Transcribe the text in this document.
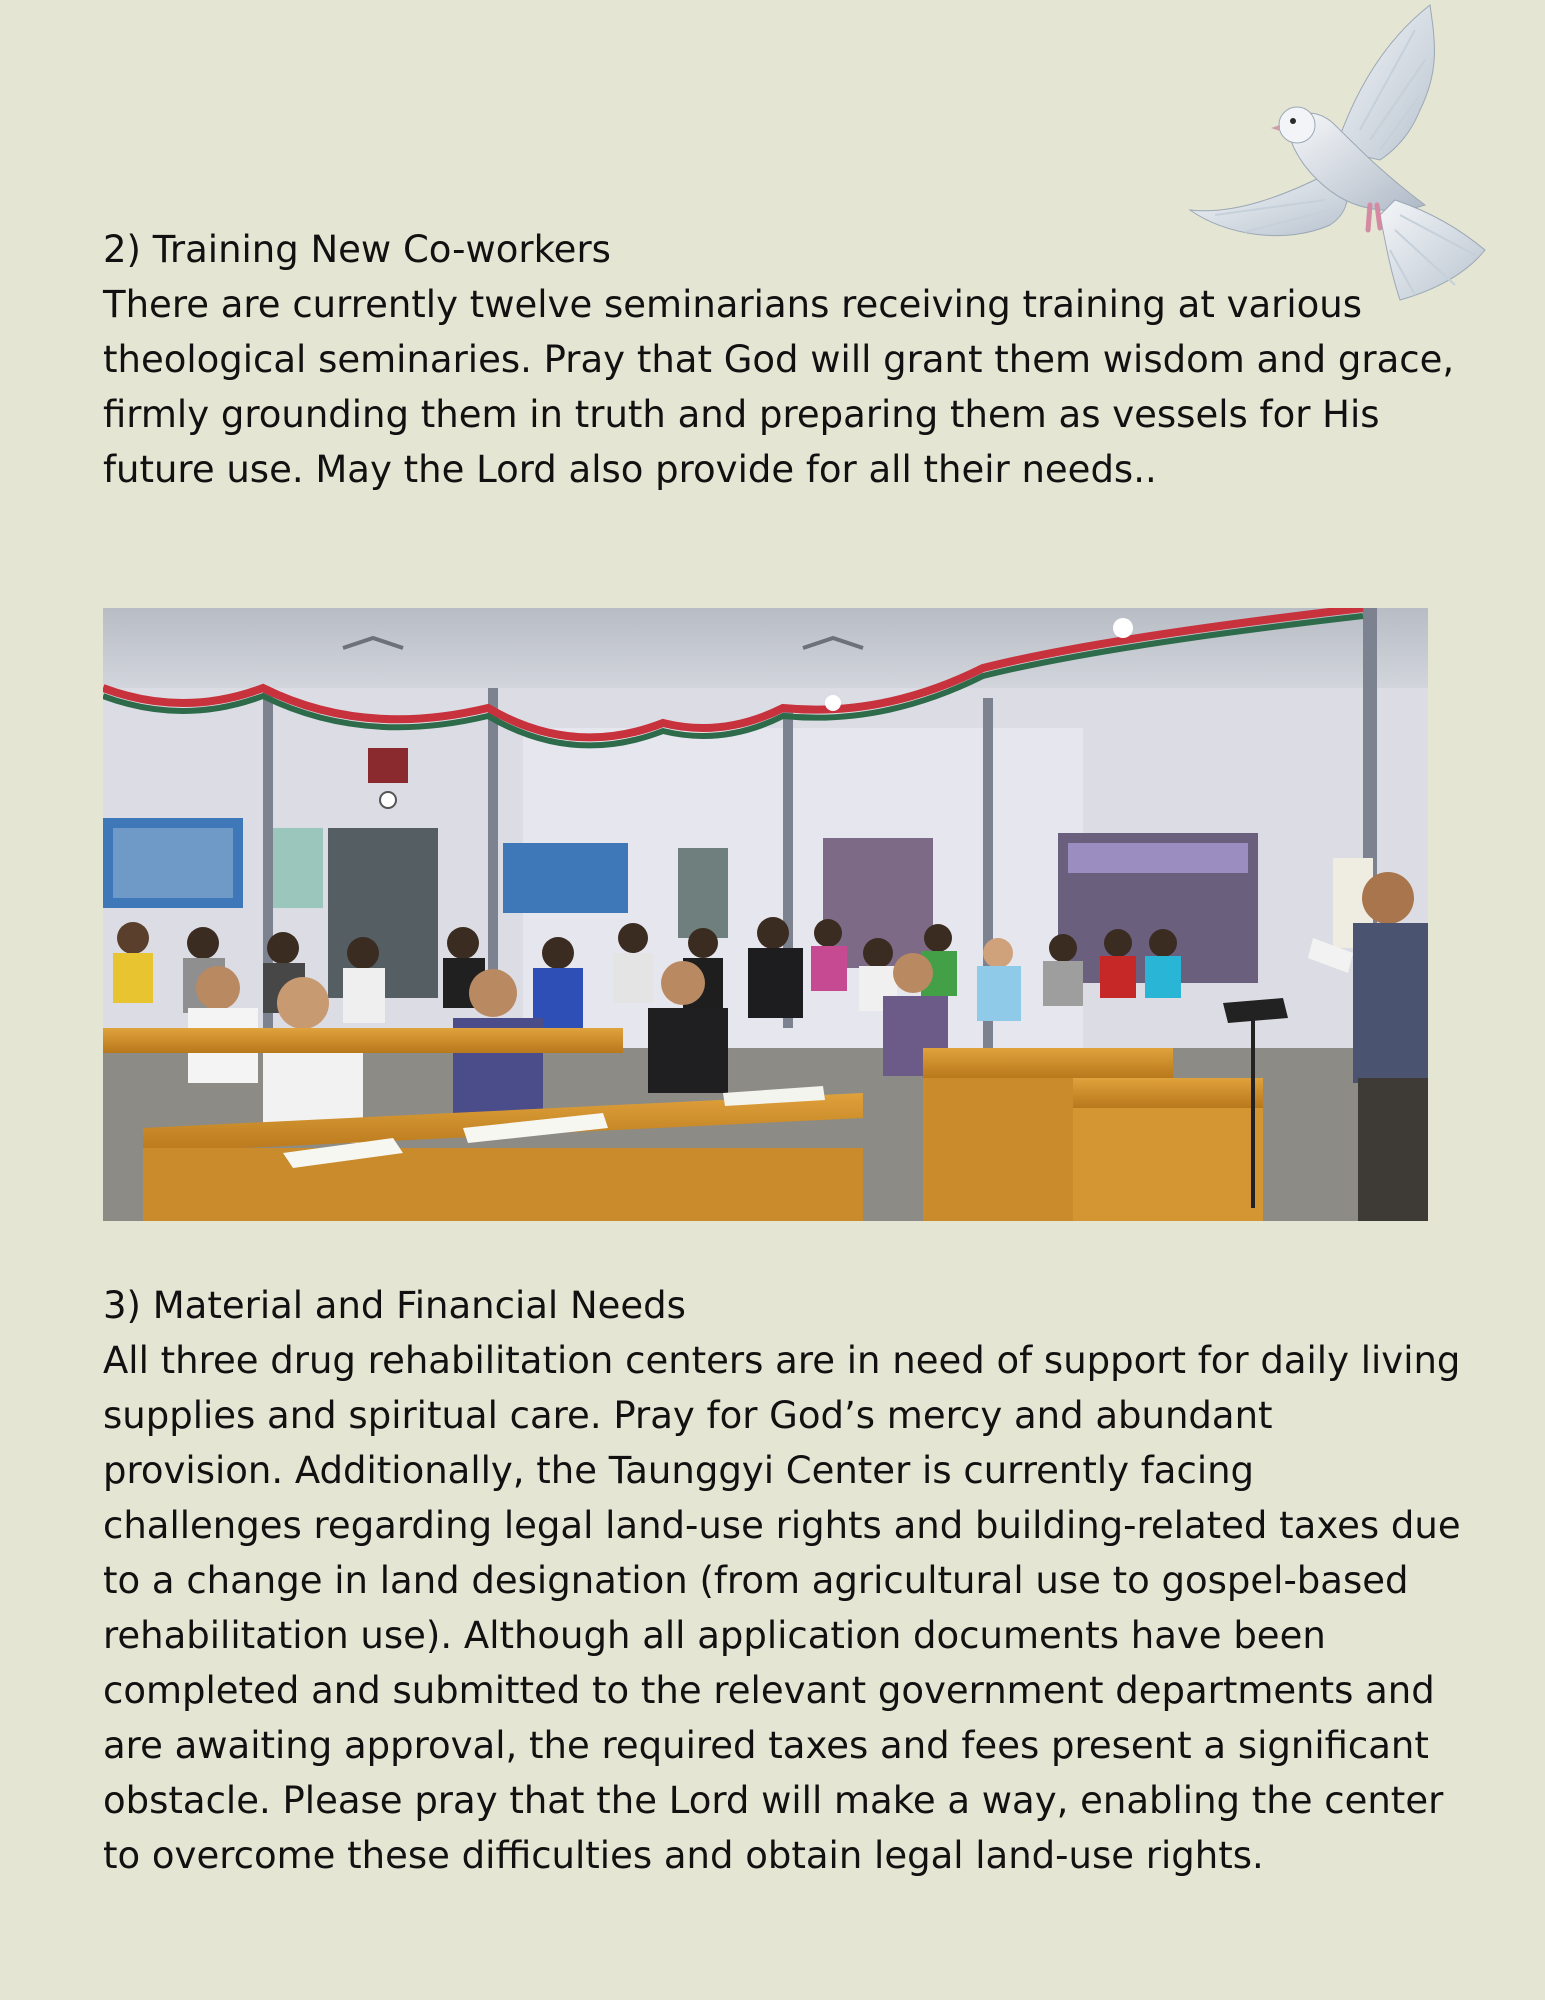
2) Training New Co-workers

There are currently twelve seminarians receiving training at various theological seminaries. Pray that God will grant them wisdom and grace, firmly grounding them in truth and preparing them as vessels for His future use. May the Lord also provide for all their needs..

3) Material and Financial Needs

All three drug rehabilitation centers are in need of support for daily living supplies and spiritual care. Pray for God’s mercy and abundant provision. Additionally, the Taunggyi Center is currently facing challenges regarding legal land-use rights and building-related taxes due to a change in land designation (from agricultural use to gospel-based rehabilitation use). Although all application documents have been completed and submitted to the relevant government departments and are awaiting approval, the required taxes and fees present a significant obstacle. Please pray that the Lord will make a way, enabling the center to overcome these difficulties and obtain legal land-use rights.
